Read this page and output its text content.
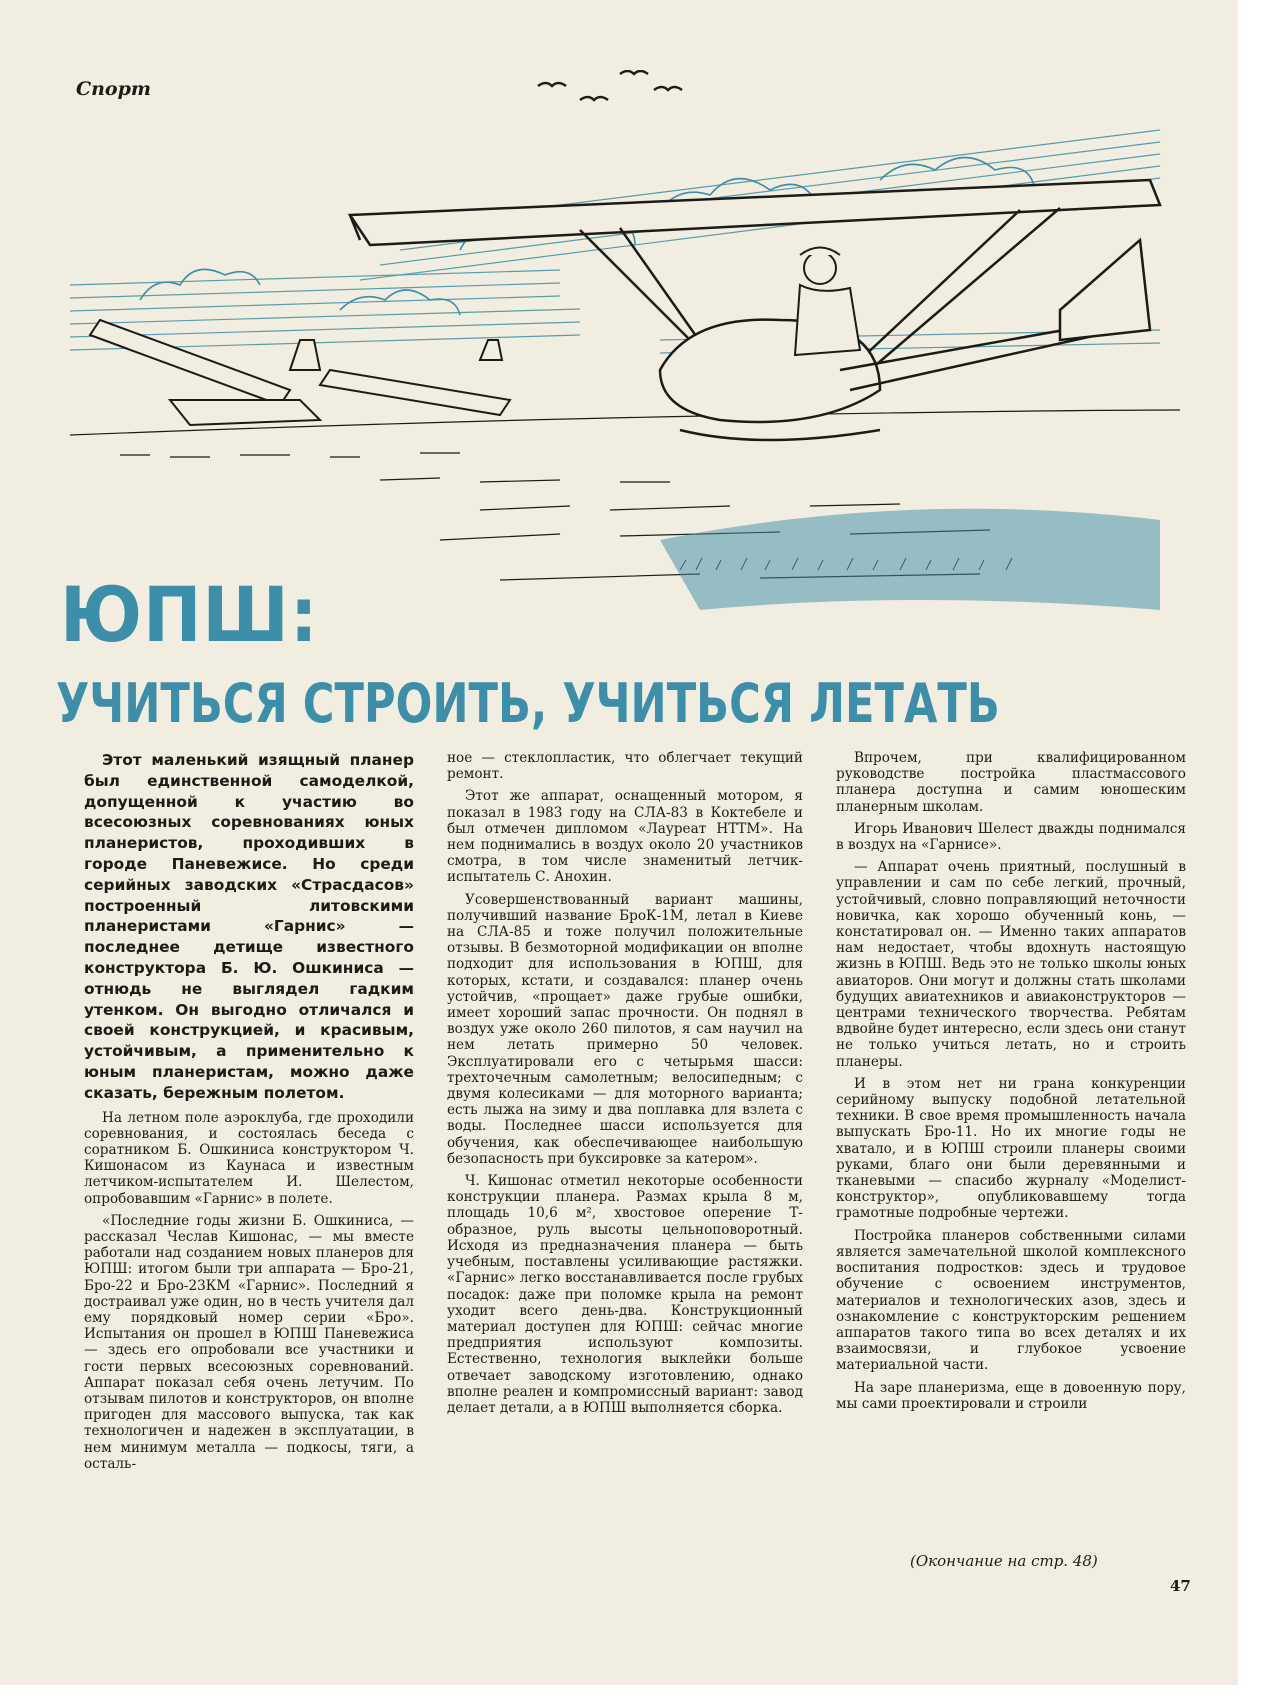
Спорт
ЮПШ:
УЧИТЬСЯ СТРОИТЬ, УЧИТЬСЯ ЛЕТАТЬ

Этот маленький изящный планер был единственной самоделкой, допущенной к участию во всесоюзных соревнованиях юных планеристов, проходивших в городе Паневежисе. Но среди серийных заводских «Страсдасов» построенный литовскими планеристами «Гарнис» — последнее детище известного конструктора Б. Ю. Ошкиниса — отнюдь не выглядел гадким утенком. Он выгодно отличался и своей конструкцией, и красивым, устойчивым, а применительно к юным планеристам, можно даже сказать, бережным полетом.

На летном поле аэроклуба, где проходили соревнования, и состоялась беседа с соратником Б. Ошкиниса конструктором Ч. Кишонасом из Каунаса и известным летчиком-испытателем И. Шелестом, опробовавшим «Гарнис» в полете.

«Последние годы жизни Б. Ошкиниса, — рассказал Чеслав Кишонас, — мы вместе работали над созданием новых планеров для ЮПШ: итогом были три аппарата — Бро-21, Бро-22 и Бро-23КМ «Гарнис». Последний я достраивал уже один, но в честь учителя дал ему порядковый номер серии «Бро». Испытания он прошел в ЮПШ Паневежиса — здесь его опробовали все участники и гости первых всесоюзных соревнований. Аппарат показал себя очень летучим. По отзывам пилотов и конструкторов, он вполне пригоден для массового выпуска, так как технологичен и надежен в эксплуатации, в нем минимум металла — подкосы, тяги, а осталь-

ное — стеклопластик, что облегчает текущий ремонт.

Этот же аппарат, оснащенный мотором, я показал в 1983 году на СЛА-83 в Коктебеле и был отмечен дипломом «Лауреат НТТМ». На нем поднимались в воздух около 20 участников смотра, в том числе знаменитый летчик-испытатель С. Анохин.

Усовершенствованный вариант машины, получивший название БроК-1М, летал в Киеве на СЛА-85 и тоже получил положительные отзывы. В безмоторной модификации он вполне подходит для использования в ЮПШ, для которых, кстати, и создавался: планер очень устойчив, «прощает» даже грубые ошибки, имеет хороший запас прочности. Он поднял в воздух уже около 260 пилотов, я сам научил на нем летать примерно 50 человек. Эксплуатировали его с четырьмя шасси: трехточечным самолетным; велосипедным; с двумя колесиками — для моторного варианта; есть лыжа на зиму и два поплавка для взлета с воды. Последнее шасси используется для обучения, как обеспечивающее наибольшую безопасность при буксировке за катером».

Ч. Кишонас отметил некоторые особенности конструкции планера. Размах крыла 8 м, площадь 10,6 м², хвостовое оперение Т-образное, руль высоты цельноповоротный. Исходя из предназначения планера — быть учебным, поставлены усиливающие растяжки. «Гарнис» легко восстанавливается после грубых посадок: даже при поломке крыла на ремонт уходит всего день-два. Конструкционный материал доступен для ЮПШ: сейчас многие предприятия используют композиты. Естественно, технология выклейки больше отвечает заводскому изготовлению, однако вполне реален и компромиссный вариант: завод делает детали, а в ЮПШ выполняется сборка.

Впрочем, при квалифицированном руководстве постройка пластмассового планера доступна и самим юношеским планерным школам.

Игорь Иванович Шелест дважды поднимался в воздух на «Гарнисе».

— Аппарат очень приятный, послушный в управлении и сам по себе легкий, прочный, устойчивый, словно поправляющий неточности новичка, как хорошо обученный конь, — констатировал он. — Именно таких аппаратов нам недостает, чтобы вдохнуть настоящую жизнь в ЮПШ. Ведь это не только школы юных авиаторов. Они могут и должны стать школами будущих авиатехников и авиаконструкторов — центрами технического творчества. Ребятам вдвойне будет интересно, если здесь они станут не только учиться летать, но и строить планеры.

И в этом нет ни грана конкуренции серийному выпуску подобной летательной техники. В свое время промышленность начала выпускать Бро-11. Но их многие годы не хватало, и в ЮПШ строили планеры своими руками, благо они были деревянными и тканевыми — спасибо журналу «Моделист-конструктор», опубликовавшему тогда грамотные подробные чертежи.

Постройка планеров собственными силами является замечательной школой комплексного воспитания подростков: здесь и трудовое обучение с освоением инструментов, материалов и технологических азов, здесь и ознакомление с конструкторским решением аппаратов такого типа во всех деталях и их взаимосвязи, и глубокое усвоение материальной части.

На заре планеризма, еще в довоенную пору, мы сами проектировали и строили

(Окончание на стр. 48)
47
